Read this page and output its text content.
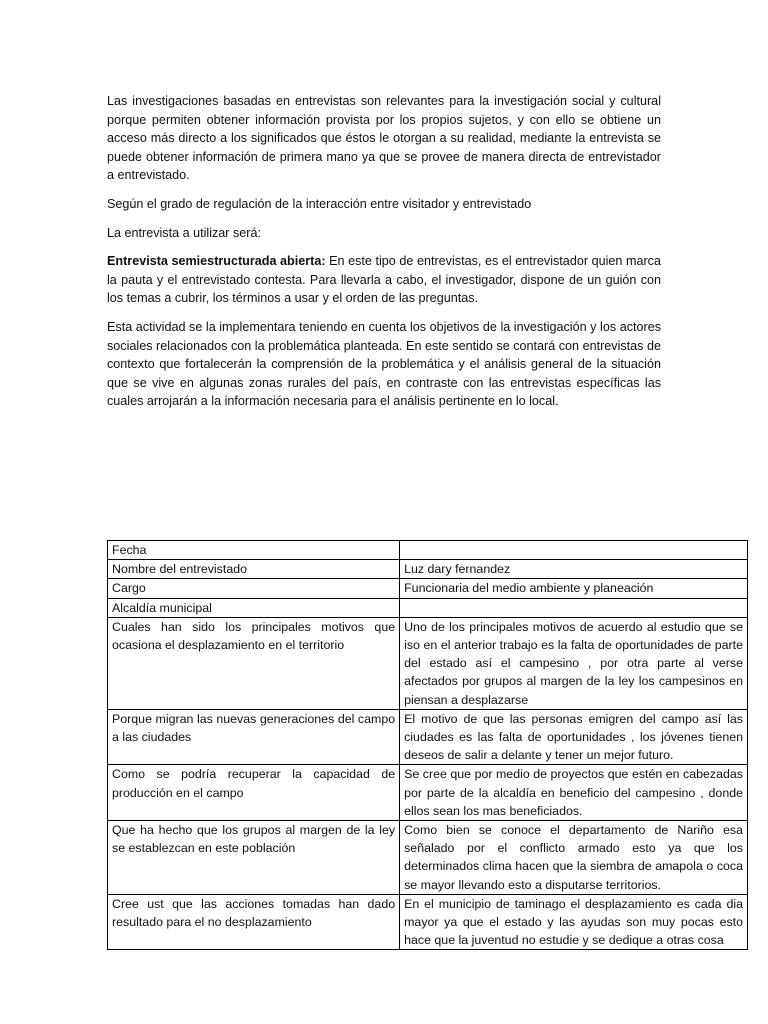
Las investigaciones basadas en entrevistas son relevantes para la investigación social y cultural porque permiten obtener información provista por los propios sujetos, y con ello se obtiene un acceso más directo a los significados que éstos le otorgan a su realidad, mediante la entrevista se puede obtener información de primera mano ya que se provee de manera directa de entrevistador a entrevistado.

Según el grado de regulación de la interacción entre visitador y entrevistado

La entrevista a utilizar será:

Entrevista semiestructurada abierta: En este tipo de entrevistas, es el entrevistador quien marca la pauta y el entrevistado contesta. Para llevarla a cabo, el investigador, dispone de un guión con los temas a cubrir, los términos a usar y el orden de las preguntas.

Esta actividad se la implementara teniendo en cuenta los objetivos de la investigación y los actores sociales relacionados con la problemática planteada. En este sentido se contará con entrevistas de contexto que fortalecerán la comprensión de la problemática y el análisis general de la situación que se vive en algunas zonas rurales del país, en contraste con las entrevistas específicas las cuales arrojarán a la información necesaria para el análisis pertinente en lo local.

Fecha	
Nombre del entrevistado	Luz dary fernandez
Cargo	Funcionaria del medio ambiente y planeación
Alcaldía municipal	
Cuales han sido los principales motivos que ocasiona el desplazamiento en el territorio	Uno de los principales motivos de acuerdo al estudio que se iso en el anterior trabajo es la falta de oportunidades de parte del estado así el campesino , por otra parte al verse afectados por grupos al margen de la ley los campesinos en piensan a desplazarse
Porque migran las nuevas generaciones del campo a las ciudades	El motivo de que las personas emigren del campo así las ciudades es las falta de oportunidades , los jóvenes tienen deseos de salir a delante y tener un mejor futuro.
Como se podría recuperar la capacidad de producción en el campo	Se cree que por medio de proyectos que estén en cabezadas por parte de la alcaldía en beneficio del campesino , donde ellos sean los mas beneficiados.
Que ha hecho que los grupos al margen de la ley se establezcan en este población	Como bien se conoce el departamento de Nariño esa señalado por el conflicto armado esto ya que los determinados clima hacen que la siembra de amapola o coca se mayor llevando esto a disputarse territorios.
Cree ust que las acciones tomadas han dado resultado para el no desplazamiento	En el municipio de taminago el desplazamiento es cada dia mayor ya que el estado y las ayudas son muy pocas esto hace que la juventud no estudie y se dedique a otras cosa
